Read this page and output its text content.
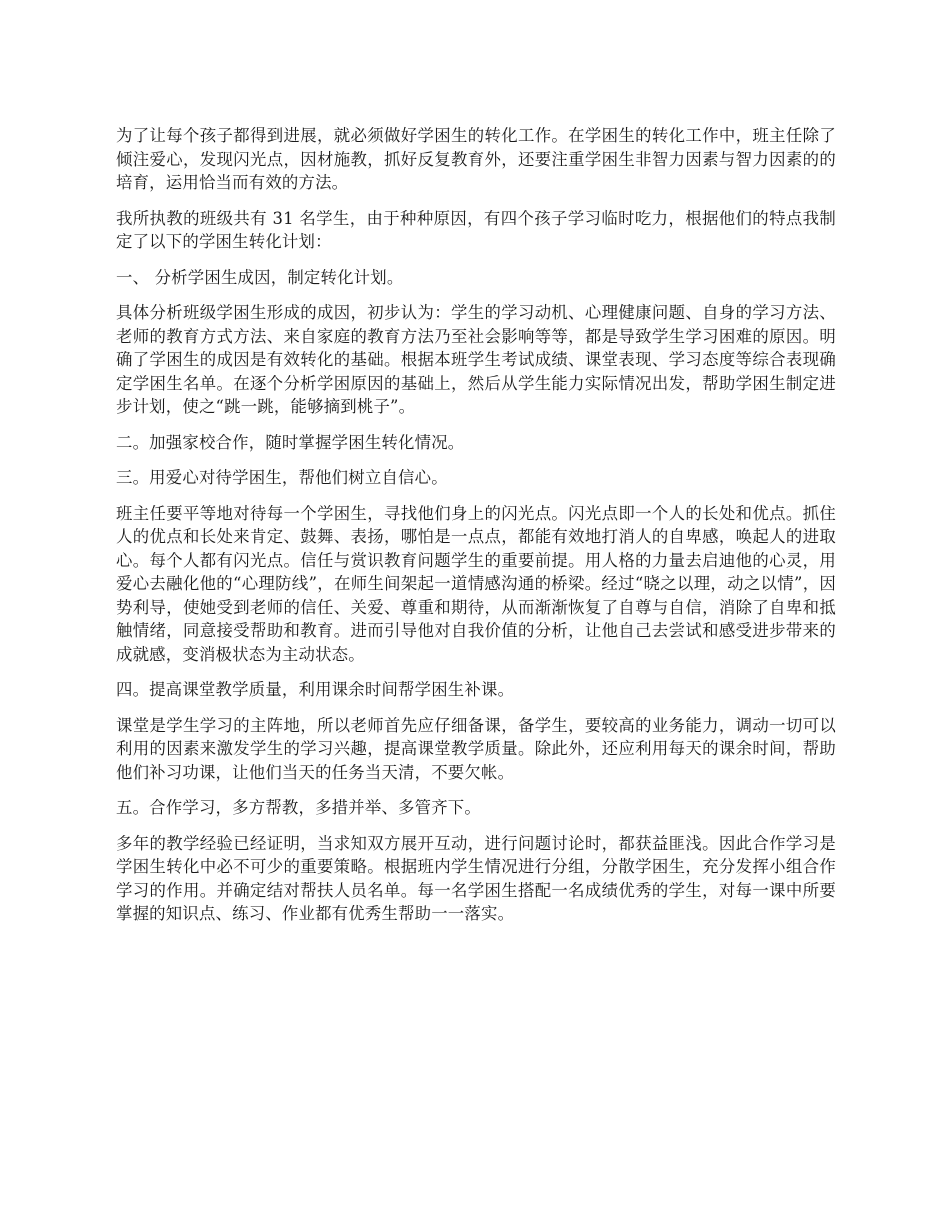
为了让每个孩子都得到进展，就必须做好学困生的转化工作。在学困生的转化工作中，班主任除了倾注爱心，发现闪光点，因材施教，抓好反复教育外，还要注重学困生非智力因素与智力因素的的培育，运用恰当而有效的方法。

我所执教的班级共有 31 名学生，由于种种原因，有四个孩子学习临时吃力，根据他们的特点我制定了以下的学困生转化计划：

一、 分析学困生成因，制定转化计划。

具体分析班级学困生形成的成因，初步认为：学生的学习动机、心理健康问题、自身的学习方法、老师的教育方式方法、来自家庭的教育方法乃至社会影响等等，都是导致学生学习困难的原因。明确了学困生的成因是有效转化的基础。根据本班学生考试成绩、课堂表现、学习态度等综合表现确定学困生名单。在逐个分析学困原因的基础上，然后从学生能力实际情况出发，帮助学困生制定进步计划，使之“跳一跳，能够摘到桃子”。

二。加强家校合作，随时掌握学困生转化情况。

三。用爱心对待学困生，帮他们树立自信心。

班主任要平等地对待每一个学困生，寻找他们身上的闪光点。闪光点即一个人的长处和优点。抓住人的优点和长处来肯定、鼓舞、表扬，哪怕是一点点，都能有效地打消人的自卑感，唤起人的进取心。每个人都有闪光点。信任与赏识教育问题学生的重要前提。用人格的力量去启迪他的心灵，用爱心去融化他的“心理防线”，在师生间架起一道情感沟通的桥梁。经过“晓之以理，动之以情”，因势利导，使她受到老师的信任、关爱、尊重和期待，从而渐渐恢复了自尊与自信，消除了自卑和抵触情绪，同意接受帮助和教育。进而引导他对自我价值的分析，让他自己去尝试和感受进步带来的成就感，变消极状态为主动状态。

四。提高课堂教学质量，利用课余时间帮学困生补课。

课堂是学生学习的主阵地，所以老师首先应仔细备课，备学生，要较高的业务能力，调动一切可以利用的因素来激发学生的学习兴趣，提高课堂教学质量。除此外，还应利用每天的课余时间，帮助他们补习功课，让他们当天的任务当天清，不要欠帐。

五。合作学习，多方帮教，多措并举、多管齐下。

多年的教学经验已经证明，当求知双方展开互动，进行问题讨论时，都获益匪浅。因此合作学习是学困生转化中必不可少的重要策略。根据班内学生情况进行分组，分散学困生，充分发挥小组合作学习的作用。并确定结对帮扶人员名单。每一名学困生搭配一名成绩优秀的学生，对每一课中所要掌握的知识点、练习、作业都有优秀生帮助一一落实。
